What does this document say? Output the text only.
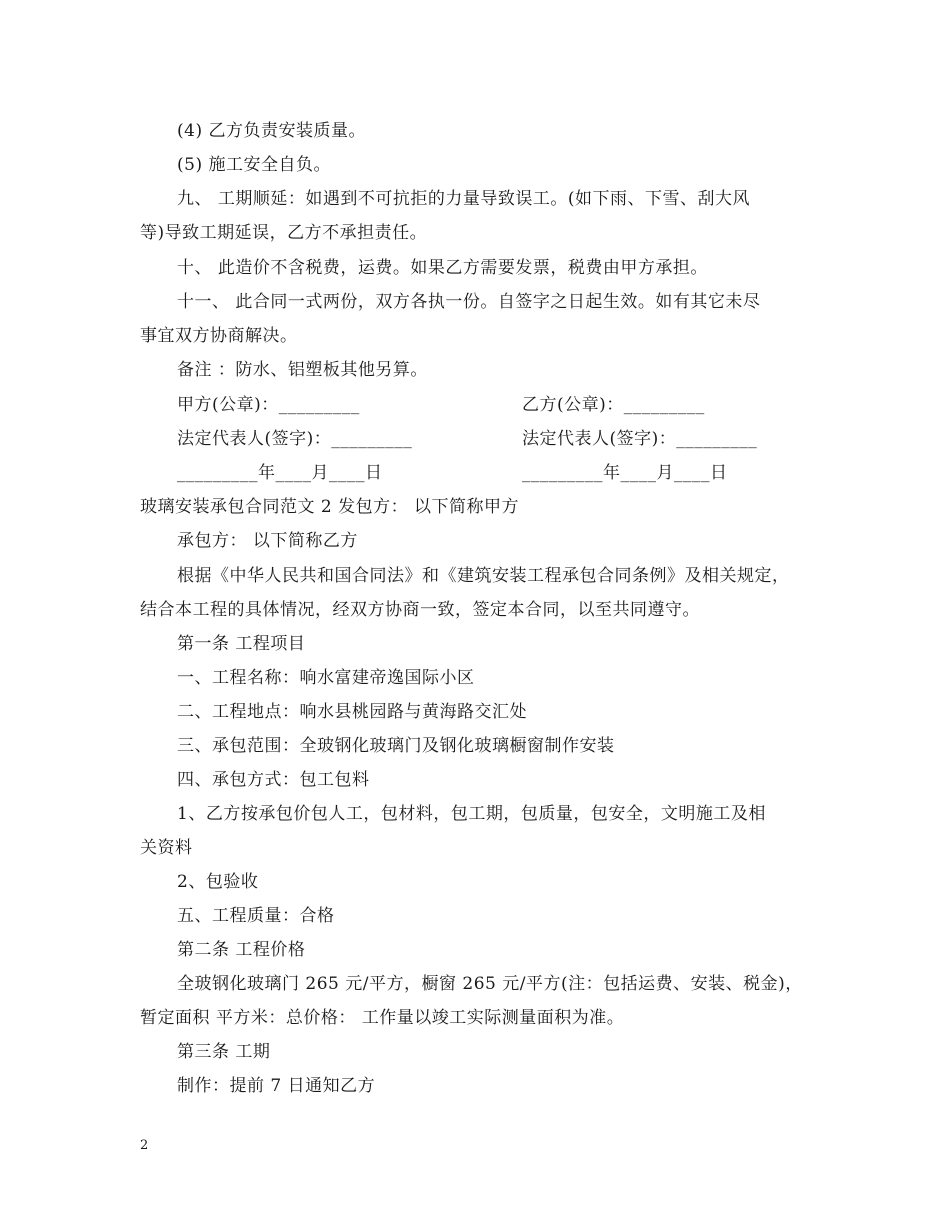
(4) 乙方负责安装质量。
(5) 施工安全自负。
九、 工期顺延：如遇到不可抗拒的力量导致误工。(如下雨、下雪、刮大风
等)导致工期延误，乙方不承担责任。
十、 此造价不含税费，运费。如果乙方需要发票，税费由甲方承担。
十一、 此合同一式两份，双方各执一份。自签字之日起生效。如有其它未尽
事宜双方协商解决。
备注 ：防水、铝塑板其他另算。
甲方(公章)：_________	乙方(公章)：_________
法定代表人(签字)：_________	法定代表人(签字)：_________
_________年____月____日	_________年____月____日
玻璃安装承包合同范文 2 发包方： 以下简称甲方
承包方： 以下简称乙方
根据《中华人民共和国合同法》和《建筑安装工程承包合同条例》及相关规定，
结合本工程的具体情况，经双方协商一致，签定本合同，以至共同遵守。
第一条 工程项目
一、工程名称：响水富建帝逸国际小区
二、工程地点：响水县桃园路与黄海路交汇处
三、承包范围：全玻钢化玻璃门及钢化玻璃橱窗制作安装
四、承包方式：包工包料
1、乙方按承包价包人工，包材料，包工期，包质量，包安全，文明施工及相
关资料
2、包验收
五、工程质量：合格
第二条 工程价格
全玻钢化玻璃门 265 元/平方，橱窗 265 元/平方(注：包括运费、安装、税金)，
暂定面积 平方米：总价格： 工作量以竣工实际测量面积为准。
第三条 工期
制作：提前 7 日通知乙方
2
